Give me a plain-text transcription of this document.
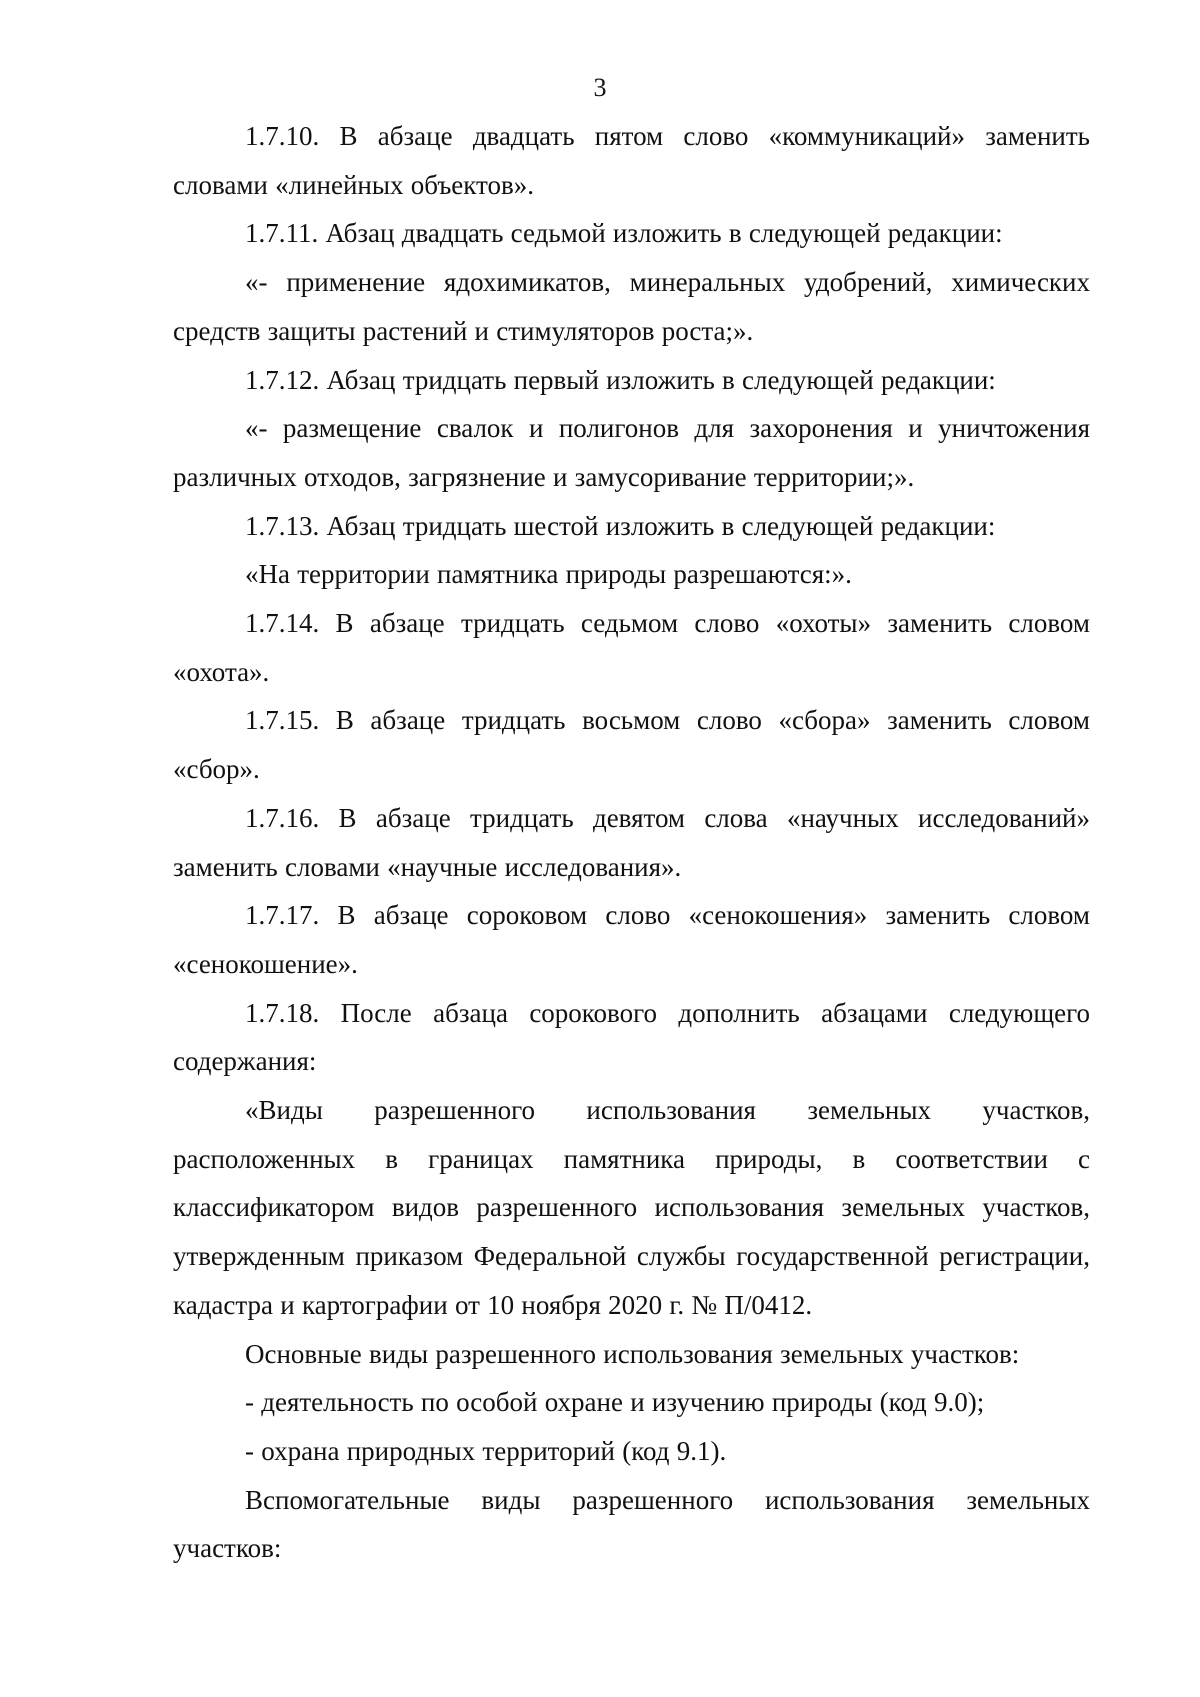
3

1.7.10. В абзаце двадцать пятом слово «коммуникаций» заменить словами «линейных объектов».

1.7.11. Абзац двадцать седьмой изложить в следующей редакции:

«- применение ядохимикатов, минеральных удобрений, химических средств защиты растений и стимуляторов роста;».

1.7.12. Абзац тридцать первый изложить в следующей редакции:

«- размещение свалок и полигонов для захоронения и уничтожения различных отходов, загрязнение и замусоривание территории;».

1.7.13. Абзац тридцать шестой изложить в следующей редакции:

«На территории памятника природы разрешаются:».

1.7.14. В абзаце тридцать седьмом слово «охоты» заменить словом «охота».

1.7.15. В абзаце тридцать восьмом слово «сбора» заменить словом «сбор».

1.7.16. В абзаце тридцать девятом слова «научных исследований» заменить словами «научные исследования».

1.7.17. В абзаце сороковом слово «сенокошения» заменить словом «сенокошение».

1.7.18. После абзаца сорокового дополнить абзацами следующего содержания:

«Виды разрешенного использования земельных участков, расположенных в границах памятника природы, в соответствии с классификатором видов разрешенного использования земельных участков, утвержденным приказом Федеральной службы государственной регистрации, кадастра и картографии от 10 ноября 2020 г. № П/0412.

Основные виды разрешенного использования земельных участков:

- деятельность по особой охране и изучению природы (код 9.0);

- охрана природных территорий (код 9.1).

Вспомогательные виды разрешенного использования земельных участков:
